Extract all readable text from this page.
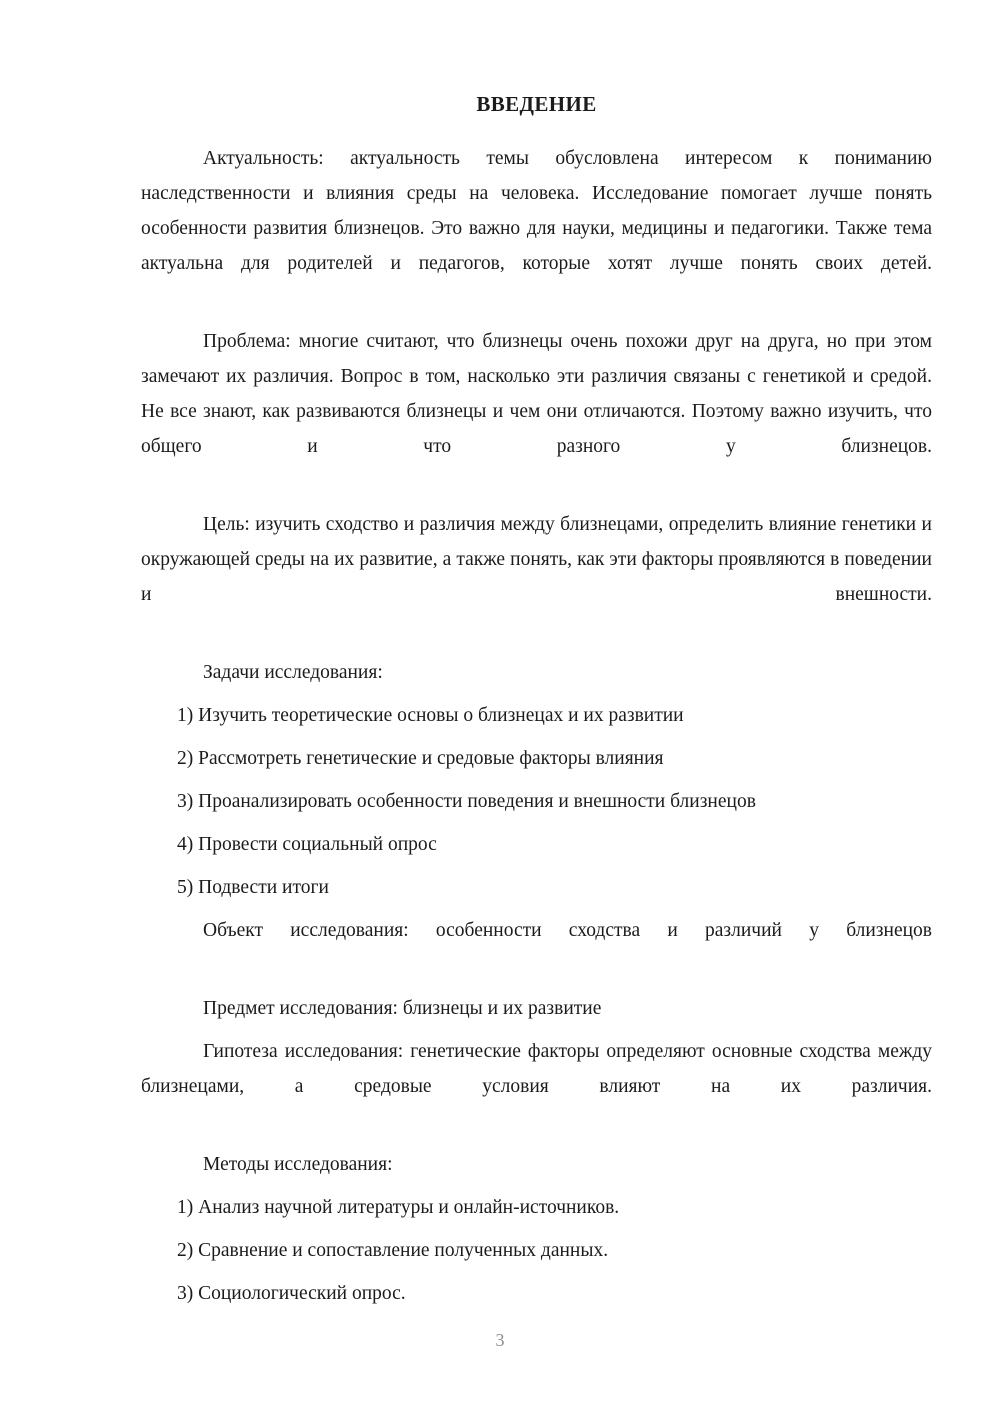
ВВЕДЕНИЕ

Актуальность: актуальность темы обусловлена интересом к пониманию наследственности и влияния среды на человека. Исследование помогает лучше понять особенности развития близнецов. Это важно для науки, медицины и педагогики. Также тема актуальна для родителей и педагогов, которые хотят лучше понять своих детей.

Проблема: многие считают, что близнецы очень похожи друг на друга, но при этом замечают их различия. Вопрос в том, насколько эти различия связаны с генетикой и средой. Не все знают, как развиваются близнецы и чем они отличаются. Поэтому важно изучить, что общего и что разного у близнецов.

Цель: изучить сходство и различия между близнецами, определить влияние генетики и окружающей среды на их развитие, а также понять, как эти факторы проявляются в поведении и внешности.

Задачи исследования:

1) Изучить теоретические основы о близнецах и их развитии
2) Рассмотреть генетические и средовые факторы влияния
3) Проанализировать особенности поведения и внешности близнецов
4) Провести социальный опрос
5) Подвести итоги

Объект исследования: особенности сходства и различий у близнецов

Предмет исследования: близнецы и их развитие

Гипотеза исследования: генетические факторы определяют основные сходства между близнецами, а средовые условия влияют на их различия.

Методы исследования:

1) Анализ научной литературы и онлайн-источников.
2) Сравнение и сопоставление полученных данных.
3) Социологический опрос.
3
